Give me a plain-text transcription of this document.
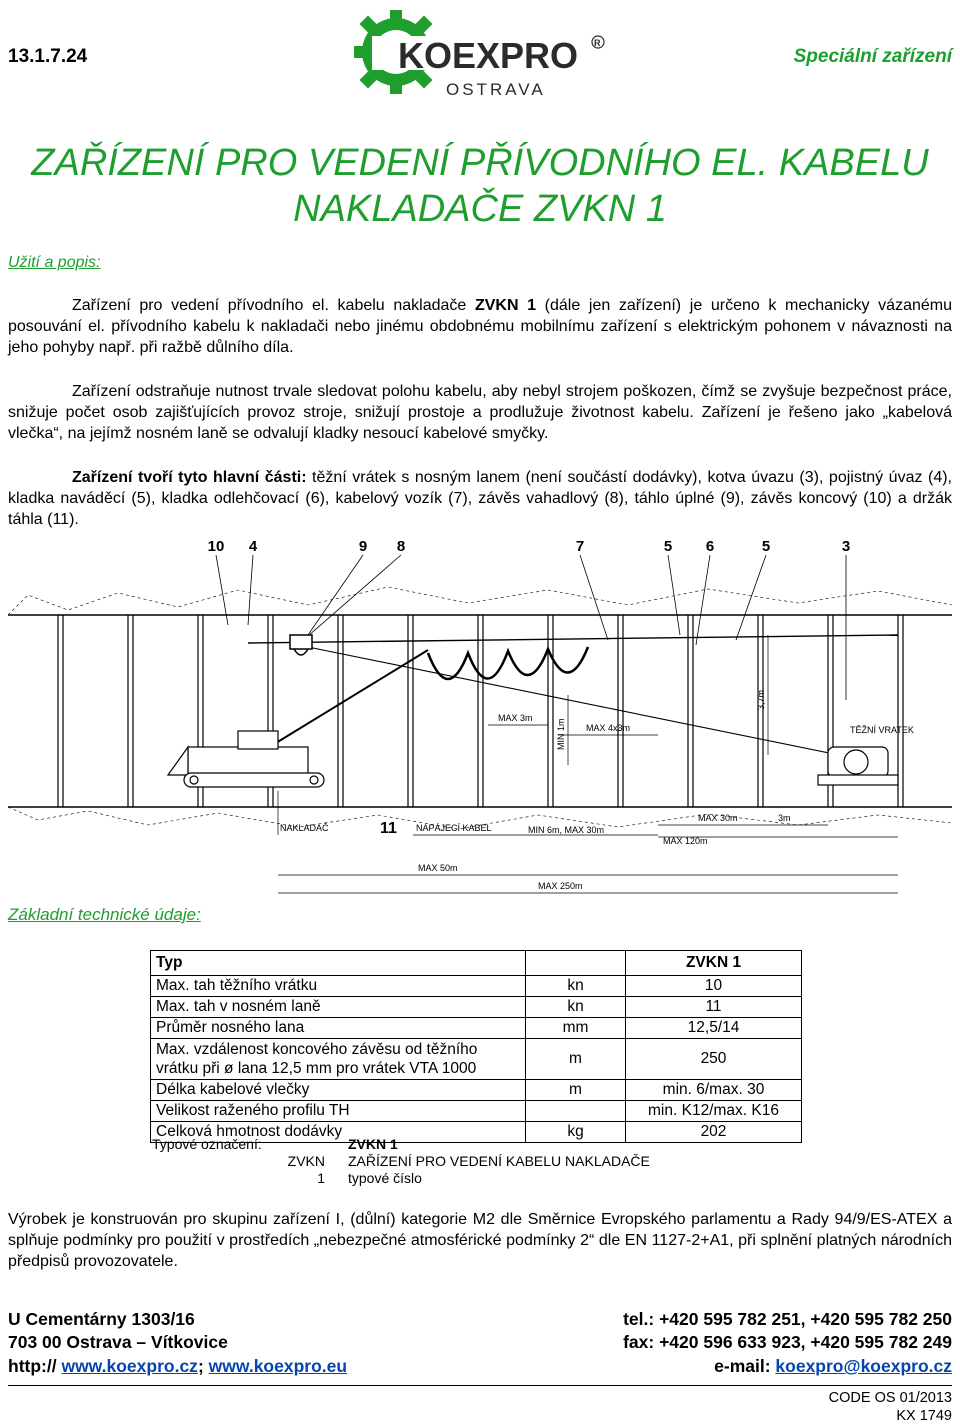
13.1.7.24	Speciální zařízení
KOEXPRO R
OSTRAVA
ZAŘÍZENÍ PRO VEDENÍ PŘÍVODNÍHO EL. KABELU
NAKLADAČE ZVKN 1
Užití a popis:

Zařízení pro vedení přívodního el. kabelu nakladače ZVKN 1 (dále jen zařízení) je určeno k mechanicky vázanému posouvání el. přívodního kabelu k nakladači nebo jinému obdobnému mobilnímu zařízení s elektrickým pohonem v návaznosti na jeho pohyby např. při ražbě důlního díla.

Zařízení odstraňuje nutnost trvale sledovat polohu kabelu, aby nebyl strojem poškozen, čímž se zvyšuje bezpečnost práce, snižuje počet osob zajišťujících provoz stroje, snižují prostoje a prodlužuje životnost kabelu. Zařízení je řešeno jako „kabelová vlečka“, na jejímž nosném laně se odvalují kladky nesoucí kabelové smyčky.

Zařízení tvoří tyto hlavní části: těžní vrátek s nosným lanem (není součástí dodávky), kotva úvazu (3), pojistný úvaz (4), kladka naváděcí (5), kladka odlehčovací (6), kabelový vozík (7), závěs vahadlový (8), táhlo úplné (9), závěs koncový (10) a držák táhla (11).

10 4	9 8	7	5 6	5	3
MAX 3m
MIN 1m MAX 4x3m
3,7m
TĚŽNÍ VRATEK
NAKLADAČ	NAPÁJECÍ KABEL	MIN 6m, MAX 30m
MAX 30m	3m
MAX 120m
MAX 50m
MAX 250m
11
Základní technické údaje:
Typ		ZVKN 1
Max. tah těžního vrátku	kn	10
Max. tah v nosném laně	kn	11
Průměr nosného lana	mm	12,5/14
Max. vzdálenost koncového závěsu od těžního vrátku při ø lana 12,5 mm pro vrátek VTA 1000	m	250
Délka kabelové vlečky	m	min. 6/max. 30
Velikost raženého profilu TH		min. K12/max. K16
Celková hmotnost dodávky	kg	202
Typové označení:	ZVKN 1
ZVKN ZAŘÍZENÍ PRO VEDENÍ KABELU NAKLADAČE
1 typové číslo
Výrobek je konstruován pro skupinu zařízení I, (důlní) kategorie M2 dle Směrnice Evropského parlamentu a Rady 94/9/ES-ATEX a splňuje podmínky pro použití v prostředích „nebezpečné atmosférické podmínky 2“ dle EN 1127-2+A1, při splnění platných národních předpisů provozovatele.
U Cementárny 1303/16	tel.: +420 595 782 251, +420 595 782 250
703 00 Ostrava – Vítkovice	fax: +420 596 633 923, +420 595 782 249
http:// www.koexpro.cz; www.koexpro.eu	e-mail: koexpro@koexpro.cz
CODE OS 01/2013
KX 1749
